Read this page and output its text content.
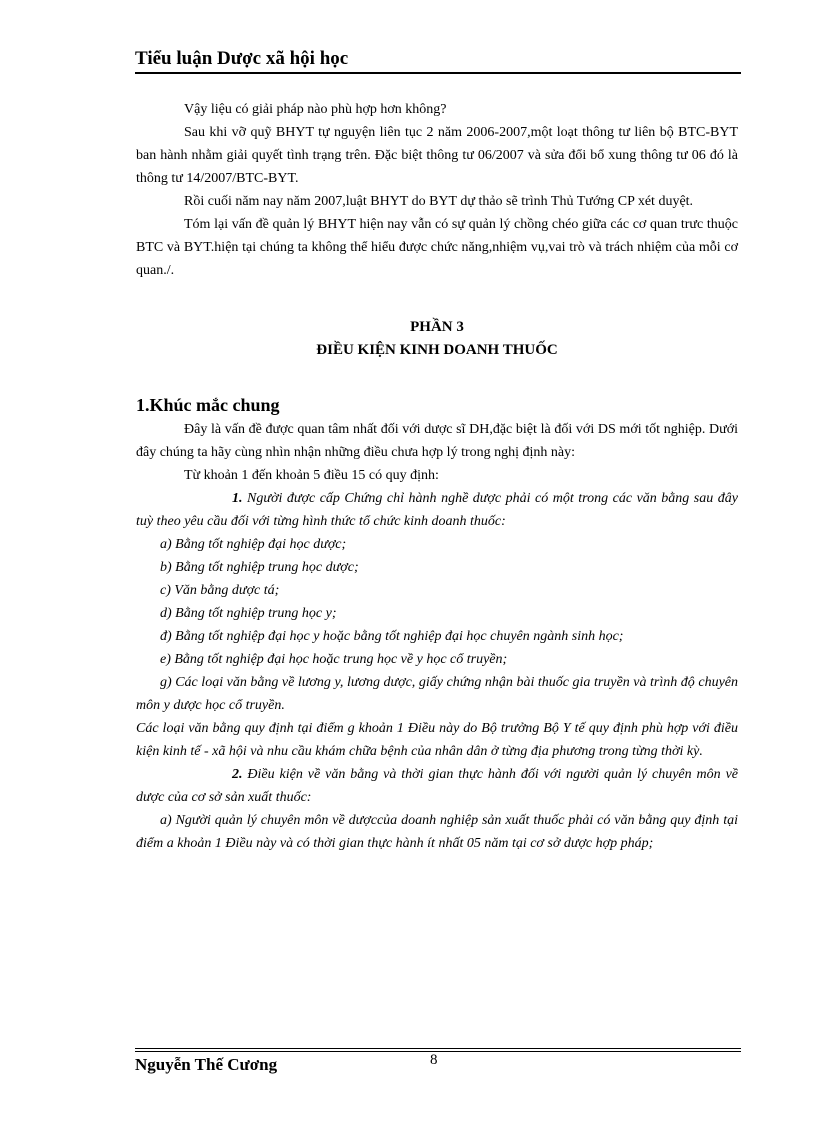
Tiểu luận Dược xã hội học

Vậy liệu có giải pháp nào phù hợp hơn không?

Sau khi vỡ quỹ BHYT tự nguyện liên tục 2 năm 2006-2007,một loạt thông tư liên bộ BTC-BYT ban hành nhằm giải quyết tình trạng trên. Đặc biệt thông tư 06/2007 và sửa đổi bổ xung thông tư 06 đó là thông tư 14/2007/BTC-BYT.

Rồi cuối năm nay năm 2007,luật BHYT do BYT dự thảo sẽ trình Thủ Tướng CP xét duyệt.

Tóm lại vấn đề quản lý BHYT hiện nay vẫn có sự quản lý chồng chéo giữa các cơ quan trưc thuộc BTC và BYT.hiện tại chúng ta không thể hiểu được chức năng,nhiệm vụ,vai trò và trách nhiệm của mỗi cơ quan./.

PHẦN 3

ĐIỀU KIỆN KINH DOANH THUỐC

1.Khúc mắc chung

Đây là vấn đề được quan tâm nhất đối với dược sĩ DH,đặc biệt là đối với DS mới tốt nghiệp. Dưới đây chúng ta hãy cùng nhìn nhận những điều chưa hợp lý trong nghị định này:

Từ khoản 1 đến khoản 5 điều 15 có quy định:

1. Người được cấp Chứng chỉ hành nghề dược phải có một trong các văn bằng sau đây tuỳ theo yêu cầu đối với từng hình thức tổ chức kinh doanh thuốc:

a) Bằng tốt nghiệp đại học dược;

b) Bằng tốt nghiệp trung học dược;

c) Văn bằng dược tá;

d) Bằng tốt nghiệp trung học y;

đ) Bằng tốt nghiệp đại học y hoặc bằng tốt nghiệp đại học chuyên ngành sinh học;

e) Bằng tốt nghiệp đại học hoặc trung học về y học cổ truyền;

g) Các loại văn bằng về lương y, lương dược, giấy chứng nhận bài thuốc gia truyền và trình độ chuyên môn y dược học cổ truyền.

Các loại văn bằng quy định tại điểm g khoản 1 Điều này do Bộ trưởng Bộ Y tế quy định phù hợp với điều kiện kinh tế - xã hội và nhu cầu khám chữa bệnh của nhân dân ở từng địa phương trong từng thời kỳ.

2. Điều kiện về văn bằng và thời gian thực hành đối với người quản lý chuyên môn về dược của cơ sở sản xuất thuốc:

a) Người quản lý chuyên môn về dượccủa doanh nghiệp sản xuất thuốc phải có văn bằng quy định tại điểm a khoản 1 Điều này và có thời gian thực hành ít nhất 05 năm tại cơ sở dược hợp pháp;

Nguyễn Thế Cương	8
